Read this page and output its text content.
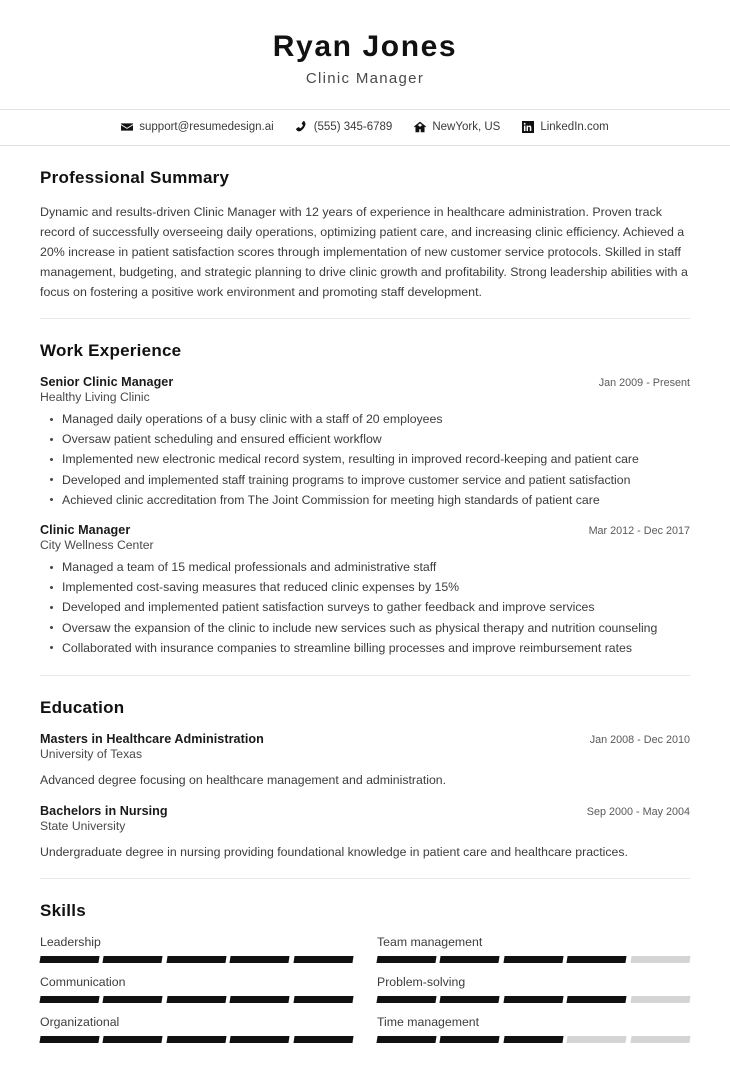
Ryan Jones
Clinic Manager
support@resumedesign.ai	(555) 345-6789	NewYork, US	LinkedIn.com
Professional Summary
Dynamic and results-driven Clinic Manager with 12 years of experience in healthcare administration. Proven track record of successfully overseeing daily operations, optimizing patient care, and increasing clinic efficiency. Achieved a 20% increase in patient satisfaction scores through implementation of new customer service protocols. Skilled in staff management, budgeting, and strategic planning to drive clinic growth and profitability. Strong leadership abilities with a focus on fostering a positive work environment and promoting staff development.
Work Experience
Senior Clinic Manager	Jan 2009 - Present
Healthy Living Clinic
Managed daily operations of a busy clinic with a staff of 20 employees
Oversaw patient scheduling and ensured efficient workflow
Implemented new electronic medical record system, resulting in improved record-keeping and patient care
Developed and implemented staff training programs to improve customer service and patient satisfaction
Achieved clinic accreditation from The Joint Commission for meeting high standards of patient care
Clinic Manager	Mar 2012 - Dec 2017
City Wellness Center
Managed a team of 15 medical professionals and administrative staff
Implemented cost-saving measures that reduced clinic expenses by 15%
Developed and implemented patient satisfaction surveys to gather feedback and improve services
Oversaw the expansion of the clinic to include new services such as physical therapy and nutrition counseling
Collaborated with insurance companies to streamline billing processes and improve reimbursement rates
Education
Masters in Healthcare Administration	Jan 2008 - Dec 2010
University of Texas
Advanced degree focusing on healthcare management and administration.
Bachelors in Nursing	Sep 2000 - May 2004
State University
Undergraduate degree in nursing providing foundational knowledge in patient care and healthcare practices.
Skills
Leadership	Team management
Communication	Problem-solving
Organizational	Time management
